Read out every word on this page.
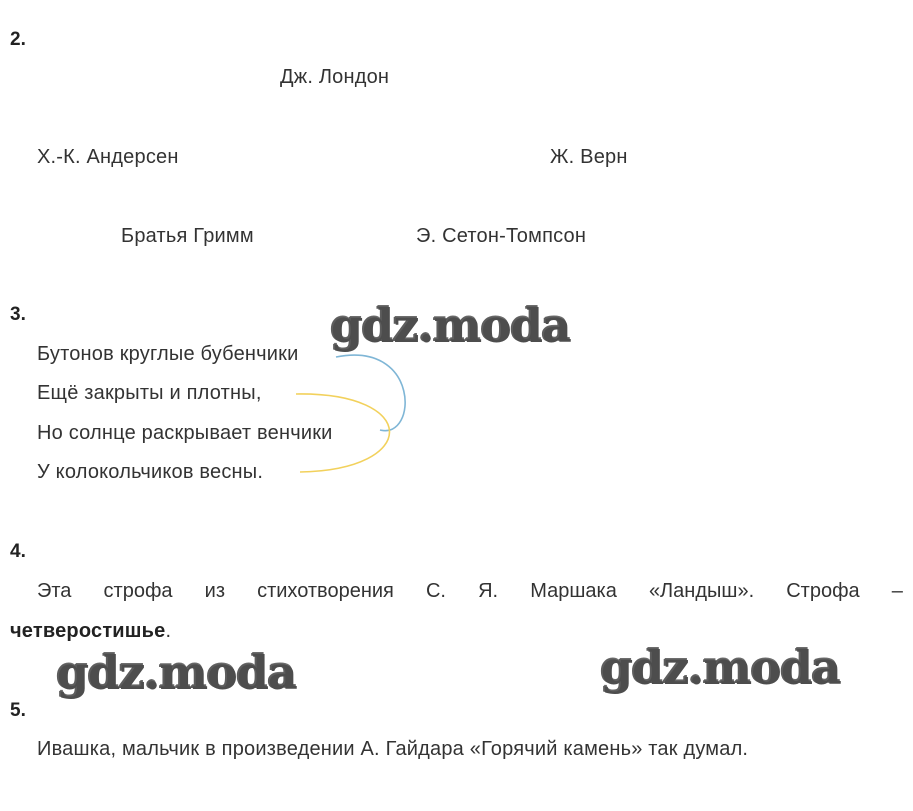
2.
Дж. Лондон
Х.-К. Андерсен	Ж. Верн
Братья Гримм	Э. Сетон-Томпсон
3.
Бутонов круглые бубенчики
Ещё закрыты и плотны,
Но солнце раскрывает венчики
У колокольчиков весны.
gdz.moda
4.
Эта строфа из стихотворения С. Я. Маршака «Ландыш». Строфа –
четверостишье.
gdz.moda	gdz.moda
5.
Ивашка, мальчик в произведении А. Гайдара «Горячий камень» так думал.
